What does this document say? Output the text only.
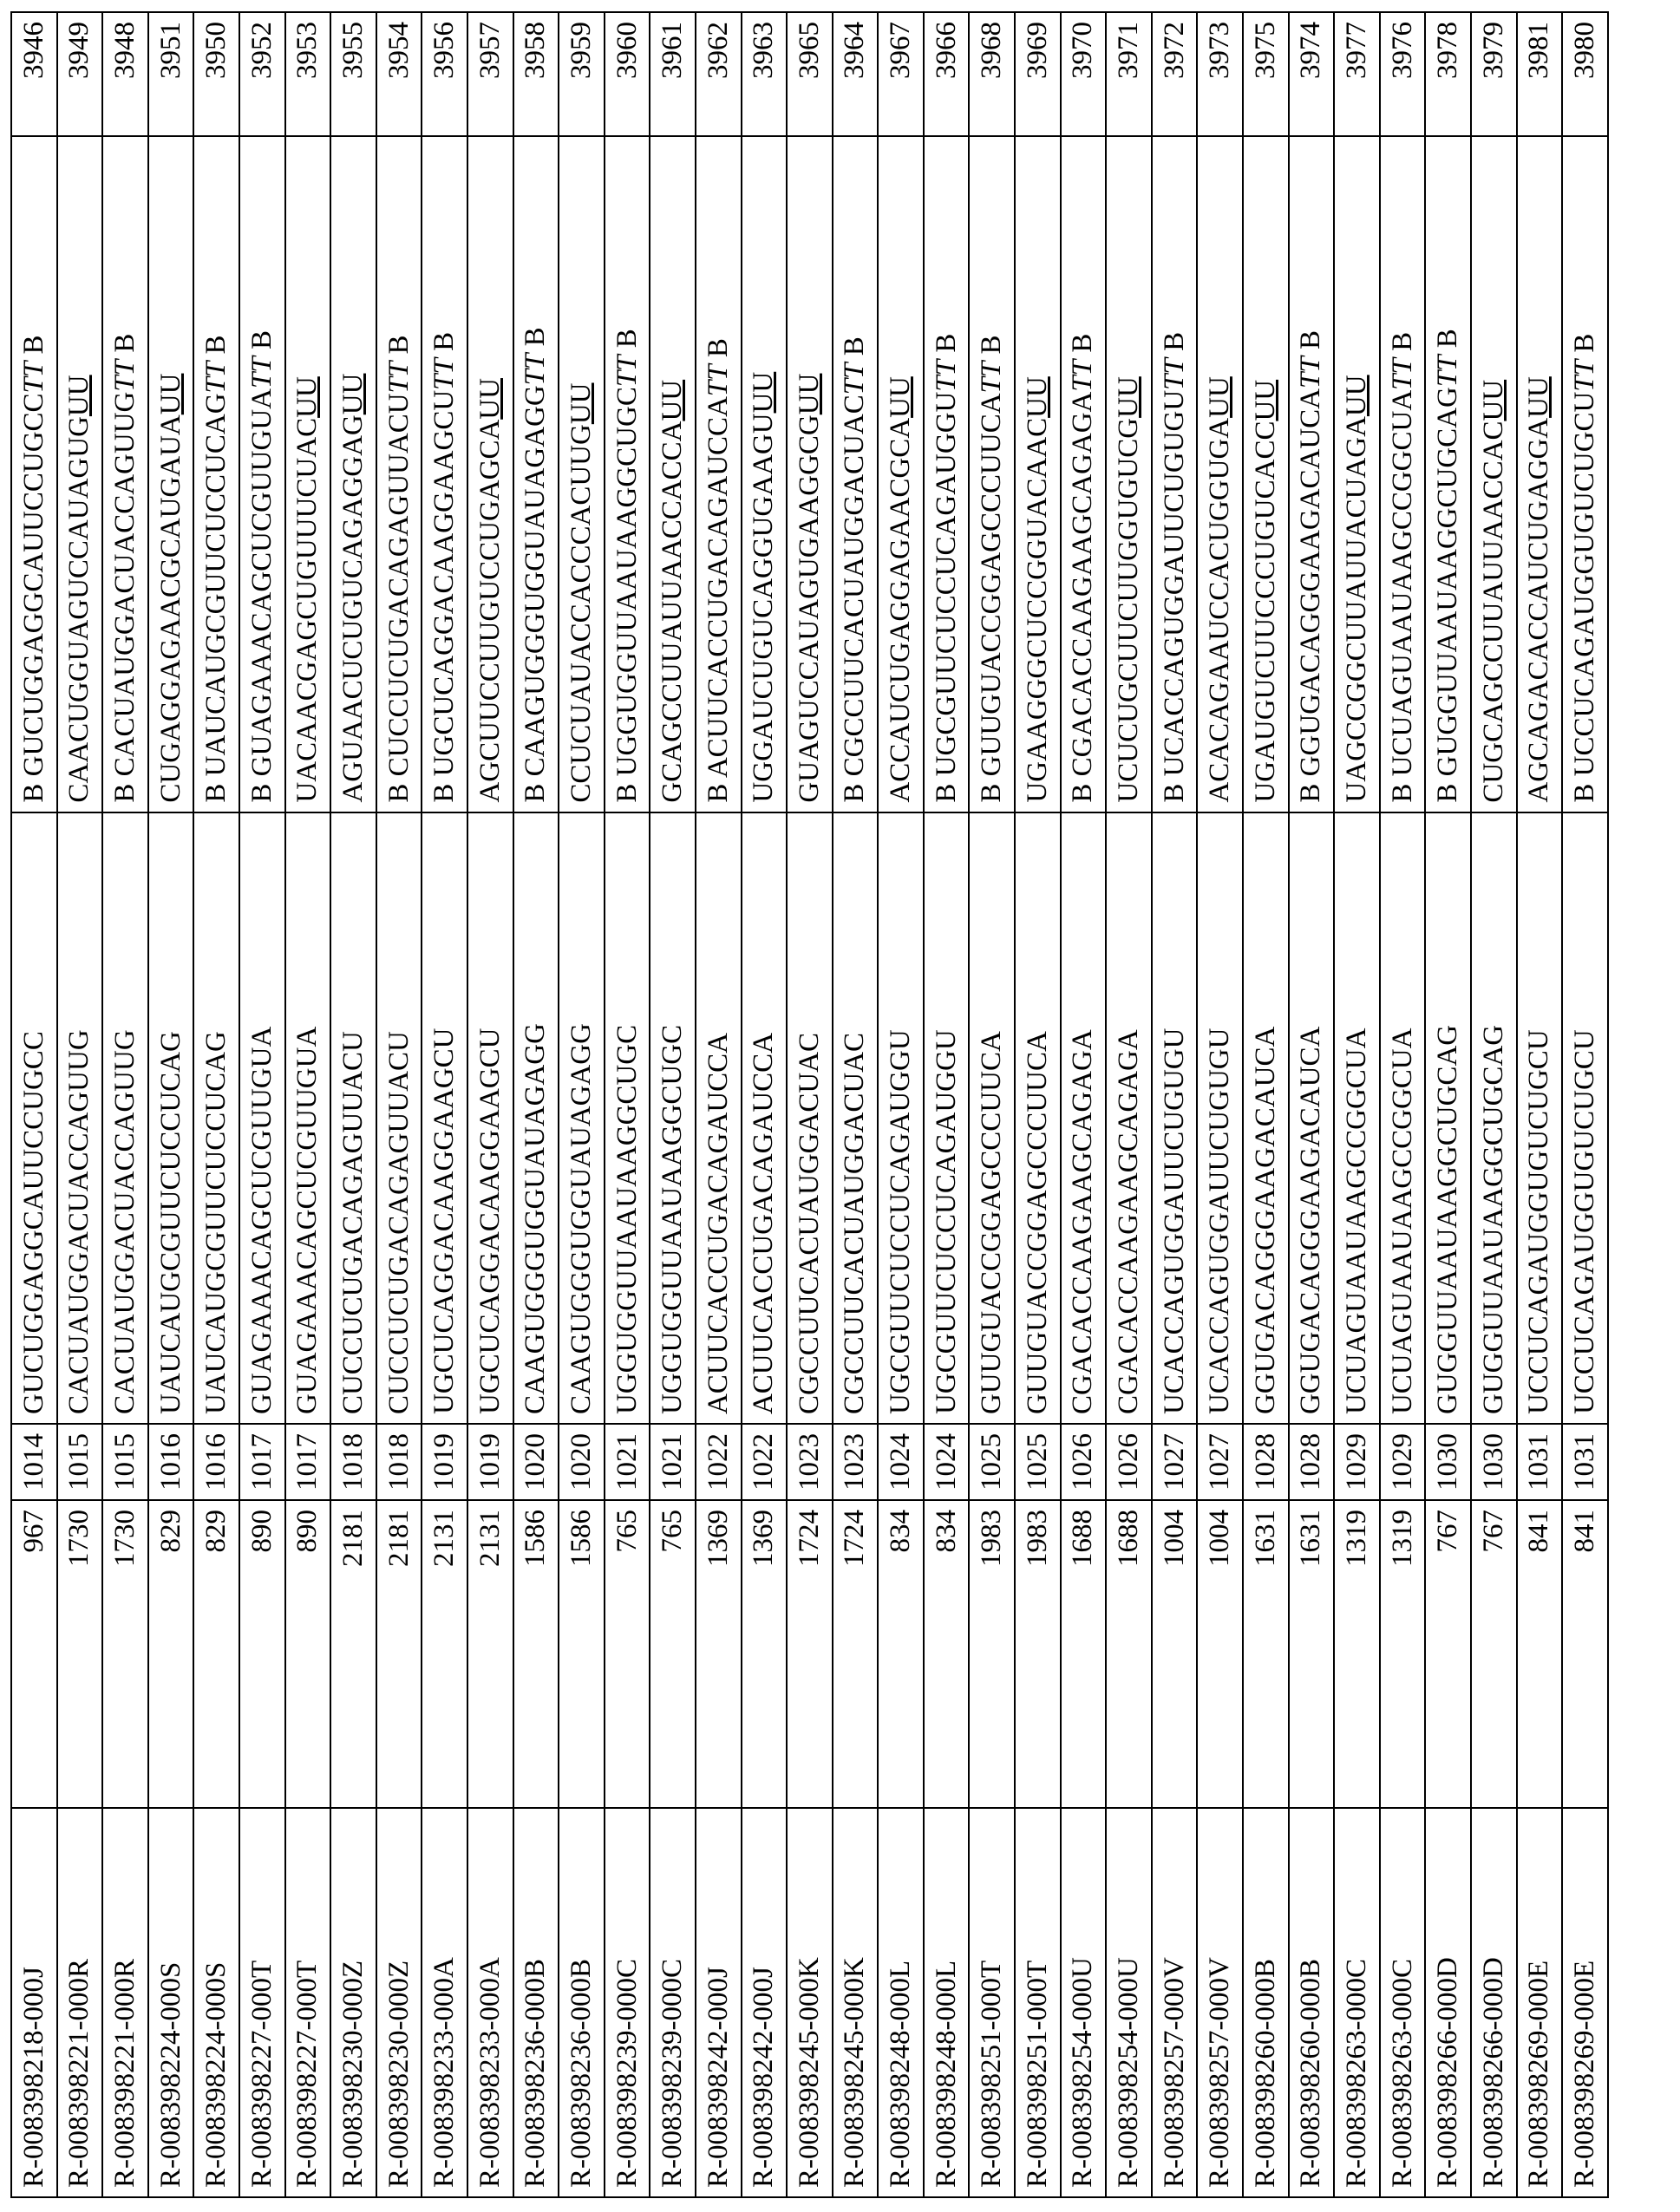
R-008398218-000J	967	1014	GUCUGGAGGCAUUCCUGCC	B GUCUGGAGGCAUUCCUGCCTT B	3946
R-008398221-000R	1730	1015	CACUAUGGACUACCAGUUG	CAACUGGUAGUCCAUAGUGUU	3949
R-008398221-000R	1730	1015	CACUAUGGACUACCAGUUG	B CACUAUGGACUACCAGUUGTT B	3948
R-008398224-000S	829	1016	UAUCAUGCGUUCUCCUCAG	CUGAGGAGAACGCAUGAUAUU	3951
R-008398224-000S	829	1016	UAUCAUGCGUUCUCCUCAG	B UAUCAUGCGUUCUCCUCAGTT B	3950
R-008398227-000T	890	1017	GUAGAAACAGCUCGUUGUA	B GUAGAAACAGCUCGUUGUATT B	3952
R-008398227-000T	890	1017	GUAGAAACAGCUCGUUGUA	UACAACGAGCUGUUUCUACUU	3953
R-008398230-000Z	2181	1018	CUCCUCUGACAGAGUUACU	AGUAACUCUGUCAGAGGAGUU	3955
R-008398230-000Z	2181	1018	CUCCUCUGACAGAGUUACU	B CUCCUCUGACAGAGUUACUTT B	3954
R-008398233-000A	2131	1019	UGCUCAGGACAAGGAAGCU	B UGCUCAGGACAAGGAAGCUTT B	3956
R-008398233-000A	2131	1019	UGCUCAGGACAAGGAAGCU	AGCUUCCUUGUCCUGAGCAUU	3957
R-008398236-000B	1586	1020	CAAGUGGGUGGUAUAGAGG	B CAAGUGGGUGGUAUAGAGGTT B	3958
R-008398236-000B	1586	1020	CAAGUGGGUGGUAUAGAGG	CCUCUAUACCACCCACUUGUU	3959
R-008398239-000C	765	1021	UGGUGGUUAAUAAGGCUGC	B UGGUGGUUAAUAAGGCUGCTT B	3960
R-008398239-000C	765	1021	UGGUGGUUAAUAAGGCUGC	GCAGCCUUAUUAACCACCAUU	3961
R-008398242-000J	1369	1022	ACUUCACCUGACAGAUCCA	B ACUUCACCUGACAGAUCCATT B	3962
R-008398242-000J	1369	1022	ACUUCACCUGACAGAUCCA	UGGAUCUGUCAGGUGAAGUUU	3963
R-008398245-000K	1724	1023	CGCCUUCACUAUGGACUAC	GUAGUCCAUAGUGAAGGCGUU	3965
R-008398245-000K	1724	1023	CGCCUUCACUAUGGACUAC	B CGCCUUCACUAUGGACUACTT B	3964
R-008398248-000L	834	1024	UGCGUUCUCCUCAGAUGGU	ACCAUCUGAGGAGAACGCAUU	3967
R-008398248-000L	834	1024	UGCGUUCUCCUCAGAUGGU	B UGCGUUCUCCUCAGAUGGUTT B	3966
R-008398251-000T	1983	1025	GUUGUACCGGAGCCCUUCA	B GUUGUACCGGAGCCCUUCATT B	3968
R-008398251-000T	1983	1025	GUUGUACCGGAGCCCUUCA	UGAAGGGCUCCGGUACAACUU	3969
R-008398254-000U	1688	1026	CGACACCAAGAAGCAGAGA	B CGACACCAAGAAGCAGAGATT B	3970
R-008398254-000U	1688	1026	CGACACCAAGAAGCAGAGA	UCUCUGCUUCUUGGUGUCGUU	3971
R-008398257-000V	1004	1027	UCACCAGUGGAUUCUGUGU	B UCACCAGUGGAUUCUGUGUTT B	3972
R-008398257-000V	1004	1027	UCACCAGUGGAUUCUGUGU	ACACAGAAUCCACUGGUGAUU	3973
R-008398260-000B	1631	1028	GGUGACAGGGAAGACAUCA	UGAUGUCUUCCCUGUCACCUU	3975
R-008398260-000B	1631	1028	GGUGACAGGGAAGACAUCA	B GGUGACAGGGAAGACAUCATT B	3974
R-008398263-000C	1319	1029	UCUAGUAAUAAGCCGGCUA	UAGCCGGCUUAUUACUAGAUU	3977
R-008398263-000C	1319	1029	UCUAGUAAUAAGCCGGCUA	B UCUAGUAAUAAGCCGGCUATT B	3976
R-008398266-000D	767	1030	GUGGUUAAUAAGGCUGCAG	B GUGGUUAAUAAGGCUGCAGTT B	3978
R-008398266-000D	767	1030	GUGGUUAAUAAGGCUGCAG	CUGCAGCCUUAUUAACCACUU	3979
R-008398269-000E	841	1031	UCCUCAGAUGGUGUCUGCU	AGCAGACACCAUCUGAGGAUU	3981
R-008398269-000E	841	1031	UCCUCAGAUGGUGUCUGCU	B UCCUCAGAUGGUGUCUGCUTT B	3980
